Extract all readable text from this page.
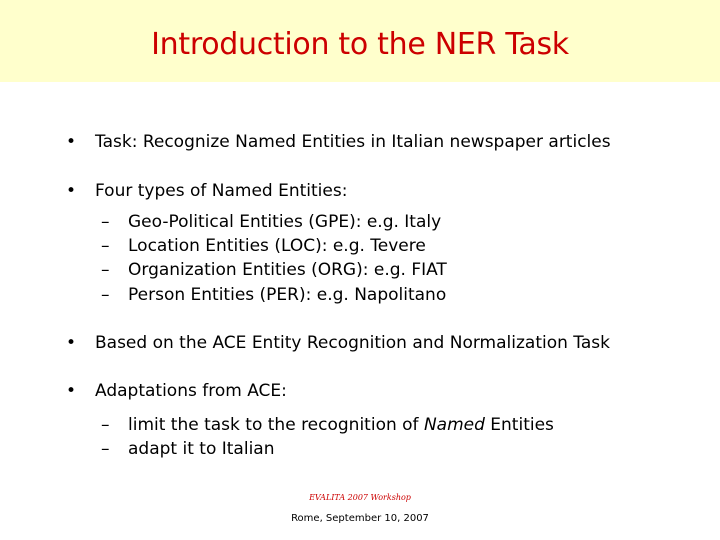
Introduction to the NER Task
• Task: Recognize Named Entities in Italian newspaper articles
• Four types of Named Entities:
– Geo-Political Entities (GPE): e.g. Italy
– Location Entities (LOC): e.g. Tevere
– Organization Entities (ORG): e.g. FIAT
– Person Entities (PER): e.g. Napolitano
• Based on the ACE Entity Recognition and Normalization Task
• Adaptations from ACE:
– limit the task to the recognition of Named Entities
– adapt it to Italian
EVALITA 2007 Workshop
Rome, September 10, 2007
